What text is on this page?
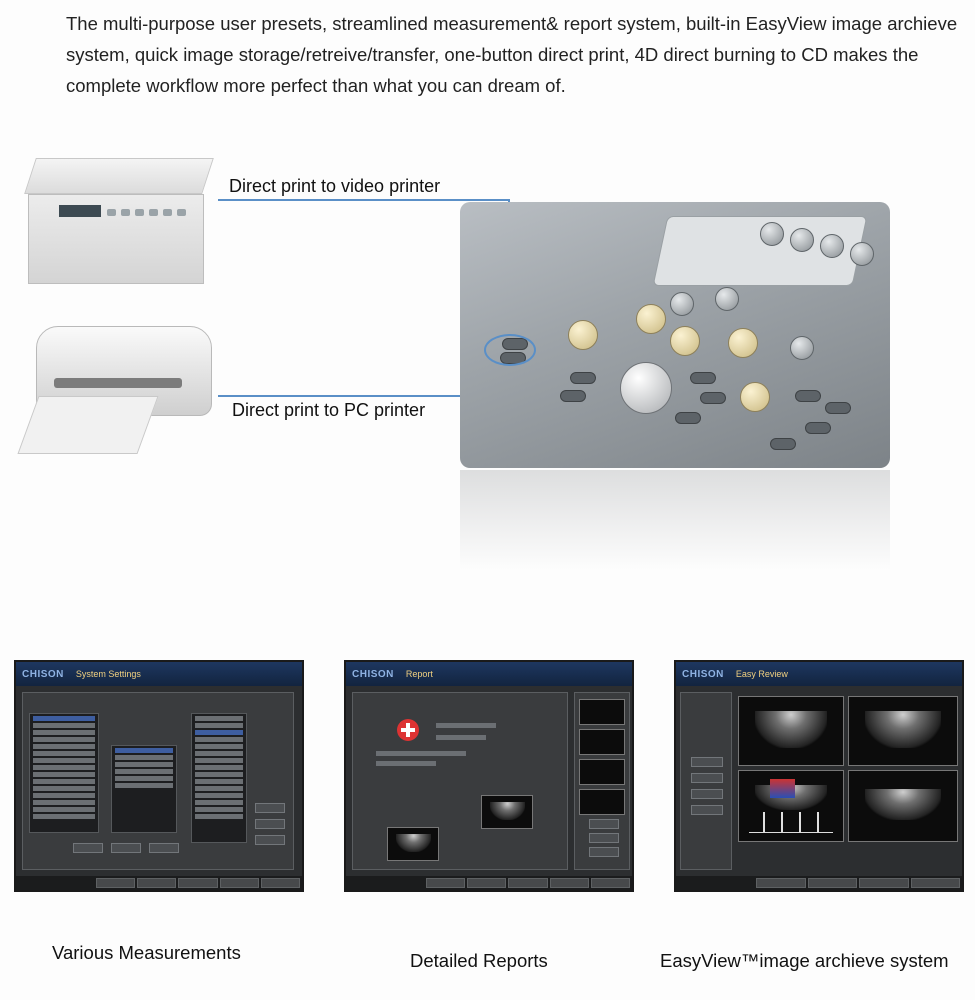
The multi-purpose user presets, streamlined measurement& report system, built-in EasyView image archieve system, quick image storage/retreive/transfer, one-button direct print, 4D direct burning to CD makes the complete workflow more perfect than what you can dream of.

Direct print to video printer
Direct print to PC printer
CHISON System Settings	CHISON Report	CHISON Easy Review
Various Measurements	Detailed Reports	EasyView™image archieve system
